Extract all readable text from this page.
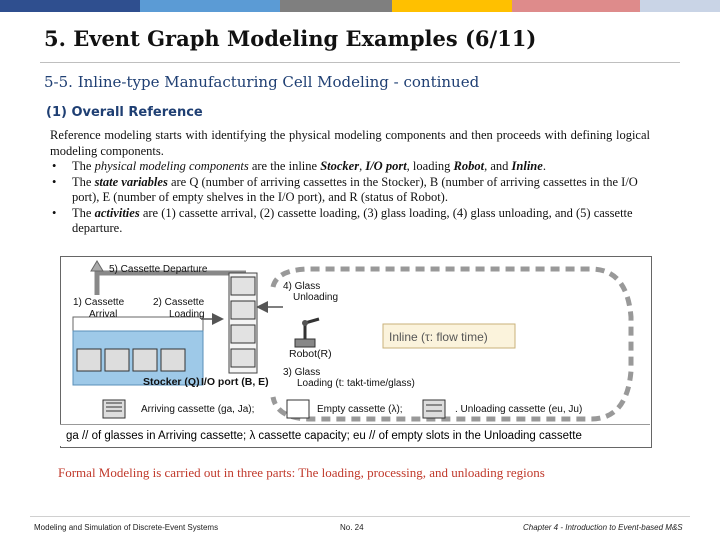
5. Event Graph Modeling Examples (6/11)
5-5. Inline-type Manufacturing Cell Modeling - continued
(1) Overall Reference

Reference modeling starts with identifying the physical modeling components and then proceeds with defining logical modeling components.

• The physical modeling components are the inline Stocker, I/O port, loading Robot, and Inline.
• The state variables are Q (number of arriving cassettes in the Stocker), B (number of arriving cassettes in the I/O port), E (number of empty shelves in the I/O port), and R (status of Robot).
• The activities are (1) cassette arrival, (2) cassette loading, (3) glass loading, (4) glass unloading, and (5) cassette departure.
5) Cassette Departure
1) Cassette
Arrival
2) Cassette
Loading
Stocker (Q) I/O port (B, E)
4) Glass
Unloading
Robot(R)
Inline (τ: flow time)
3) Glass
Loading (t: takt-time/glass)
Arriving cassette (ga, Ja);	Empty cassette (λ);	. Unloading cassette (eu, Ju)
ga // of glasses in Arriving cassette; λ cassette capacity; eu // of empty slots in the Unloading cassette
Formal Modeling is carried out in three parts: The loading, processing, and unloading regions
Modeling and Simulation of Discrete-Event Systems	No. 24	Chapter 4 - Introduction to Event-based M&S
